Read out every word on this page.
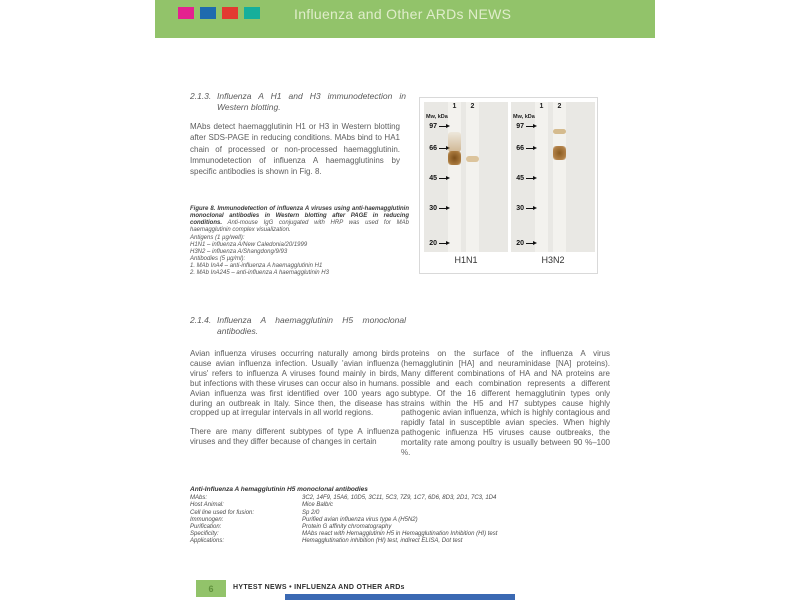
Influenza and Other ARDs NEWS
2.1.3. Influenza A H1 and H3 immunodetection in
Western blotting.
MAbs detect haemagglutinin H1 or H3 in Western blotting after SDS-PAGE in reducing conditions. MAbs bind to HA1 chain of processed or non-processed haemagglutinin. Immunodetection of influenza A haemagglutinins by specific antibodies is shown in Fig. 8.

Figure 8. Immunodetection of influenza A viruses using anti-haemagglutinin monoclonal antibodies in Western blotting after PAGE in reducing conditions. Anti-mouse IgG conjugated with HRP was used for MAb haemagglutinin complex visualization.

Antigens (1 µg/well):
H1N1 – influenza A/New Caledonia/20/1999
H3N2 – influenza A/Shangdong/9/93
Antibodies (5 µg/ml):
1. MAb InA4 – anti-influenza A haemagglutinin H1
2. MAb InA245 – anti-influenza A haemagglutinin H3
1	2
Mw, kDa
97
66
45
30
20
1	2
Mw, kDa
97
66
45
30
20
H1N1	H3N2
2.1.4. Influenza A haemagglutinin H5 monoclonal
antibodies.

Avian influenza viruses occurring naturally among birds cause avian influenza infection. Usually 'avian influenza virus' refers to influenza A viruses found mainly in birds, but infections with these viruses can occur also in humans. Avian influenza was first identified over 100 years ago during an outbreak in Italy. Since then, the disease has cropped up at irregular intervals in all world regions.

There are many different subtypes of type A influenza viruses and they differ because of changes in certain

proteins on the surface of the influenza A virus (hemagglutinin [HA] and neuraminidase [NA] proteins). Many different combinations of HA and NA proteins are possible and each combination represents a different subtype. Of the 16 different hemagglutinin types only strains within the H5 and H7 subtypes cause highly pathogenic avian influenza, which is highly contagious and rapidly fatal in susceptible avian species. When highly pathogenic influenza H5 viruses cause outbreaks, the mortality rate among poultry is usually between 90 %–100 %.

Anti-Influenza A hemagglutinin H5 monoclonal antibodies
MAbs:	3C2, 14F9, 15A6, 10D5, 3C11, 5C3, 7Z9, 1C7, 6D6, 8D3, 2D1, 7C3, 1D4
Host Animal:	Mice Balb/c
Cell line used for fusion:	Sp 2/0
Immunogen:	Purified avian influenza virus type A (H5N2)
Purification:	Protein G affinity chromatography
Specificity:	MAbs react with Hemagglutinin H5 in Hemagglutination Inhibition (HI) test
Applications:	Hemagglutination inhibition (HI) test, indirect ELISA, Dot test
6	HYTEST NEWS • INFLUENZA AND OTHER ARDs
